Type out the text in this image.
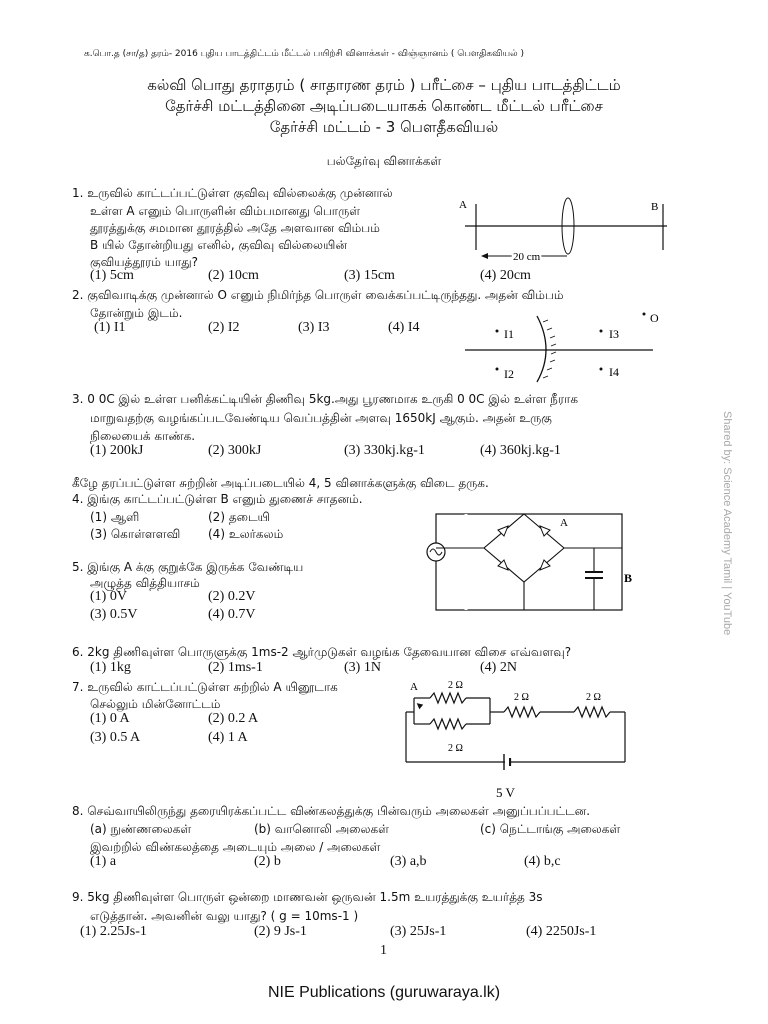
க.பொ.த (சா/த) தரம்- 2016 புதிய பாடத்திட்டம் மீட்டல் பயிற்சி வினாக்கள் - விஞ்ஞானம் ( பௌதிகவியல் )
கல்வி பொது தராதரம் ( சாதாரண தரம் ) பரீட்சை – புதிய பாடத்திட்டம்
தேர்ச்சி மட்டத்தினை அடிப்படையாகக் கொண்ட மீட்டல் பரீட்சை
தேர்ச்சி மட்டம் - 3 பௌதீகவியல்
பல்தேர்வு வினாக்கள்
1. உருவில் காட்டப்பட்டுள்ள குவிவு வில்லைக்கு முன்னால்
உள்ள A எனும் பொருளின் விம்பமானது பொருள்
தூரத்துக்கு சமமான தூரத்தில் அதே அளவான விம்பம்
B யில் தோன்றியது எனில், குவிவு வில்லையின்
குவியத்தூரம் யாது?
(1) 5cm	(2) 10cm	(3) 15cm	(4) 20cm
A	B
20 cm
2. குவிவாடிக்கு முன்னால் O எனும் நிமிர்ந்த பொருள் வைக்கப்பட்டிருந்தது. அதன் விம்பம்
தோன்றும் இடம்.
(1) I1	(2) I2	(3) I3	(4) I4
O
I1	I3
I2	I4
3. 0 0C இல் உள்ள பனிக்கட்டியின் திணிவு 5kg.அது பூரணமாக உருகி 0 0C இல் உள்ள நீராக
மாறுவதற்கு வழங்கப்படவேண்டிய வெப்பத்தின் அளவு 1650kJ ஆகும். அதன் உருகு
நிலையைக் காண்க.
(1) 200kJ	(2) 300kJ	(3) 330kj.kg-1	(4) 360kj.kg-1
கீழே தரப்பட்டுள்ள சுற்றின் அடிப்படையில் 4, 5 வினாக்களுக்கு விடை தருக.
4. இங்கு காட்டப்பட்டுள்ள B எனும் துணைச் சாதனம்.
(1) ஆளி	(2) தடையி
(3) கொள்ளளவி (4) உலர்கலம்
5. இங்கு A க்கு குறுக்கே இருக்க வேண்டிய
அழுத்த வித்தியாசம்
(1) 0V	(2) 0.2V
(3) 0.5V	(4) 0.7V
A
B
6. 2kg திணிவுள்ள பொருளுக்கு 1ms-2 ஆர்முடுகள் வழங்க தேவையான விசை எவ்வளவு?
(1) 1kg	(2) 1ms-1	(3) 1N	(4) 2N
7. உருவில் காட்டப்பட்டுள்ள சுற்றில் A யினூடாக
செல்லும் மின்னோட்டம்
(1) 0 A	(2) 0.2 A
(3) 0.5 A	(4) 1 A
A	2 Ω
2 Ω	2 Ω
2 Ω
5 V
8. செவ்வாயிலிருந்து தரையிரக்கப்பட்ட விண்கலத்துக்கு பின்வரும் அலைகள் அனுப்பப்பட்டன.
(a) நுண்ணலைகள்	(b) வானொலி அலைகள்	(c) நெட்டாங்கு அலைகள்
இவற்றில் விண்கலத்தை அடையும் அலை / அலைகள்
(1) a	(2) b	(3) a,b	(4) b,c
9. 5kg திணிவுள்ள பொருள் ஒன்றை மாணவன் ஒருவன் 1.5m உயரத்துக்கு உயர்த்த 3s
எடுத்தான். அவனின் வலு யாது? ( g = 10ms-1 )
(1) 2.25Js-1	(2) 9 Js-1	(3) 25Js-1	(4) 2250Js-1
1
NIE Publications (guruwaraya.lk)
Shared by: Science Academy Tamil | YouTube
